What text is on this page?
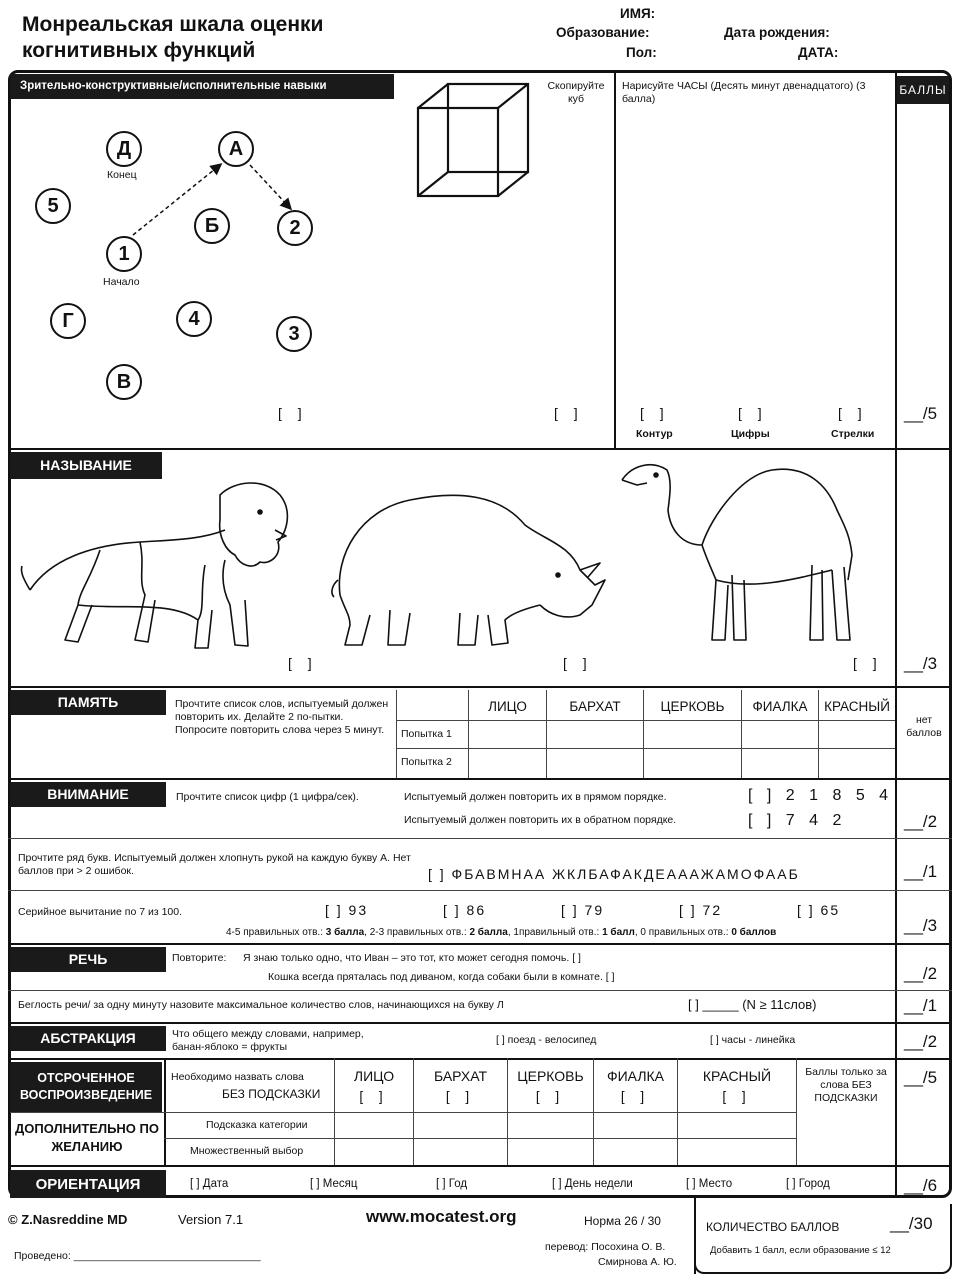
Монреальская шкала оценки
когнитивных функций
ИМЯ:
Образование:
Пол:
Дата рождения:
ДАТА:
БАЛЛЫ
Зрительно-конструктивные/исполнительные навыки
Д	А
5
Б	2
1
Г	4
3
В
Конец
Начало
[ ]
Скопируйте куб
[ ]
Нарисуйте ЧАСЫ (Десять минут двенадцатого) (3 балла)
[ ]	[ ]	[ ]
Контур	Цифры	Стрелки
__/5
НАЗЫВАНИЕ
[ ]	[ ]	[ ] __/3
ПАМЯТЬ	Прочтите список слов, испытуемый должен повторить их. Делайте 2 по-пытки. Попросите повторить слова через 5 минут.
ЛИЦО	БАРХАТ	ЦЕРКОВЬ	ФИАЛКА	КРАСНЫЙ
Попытка 1
Попытка 2
нет баллов
ВНИМАНИЕ	Прочтите список цифр (1 цифра/сек).	Испытуемый должен повторить их в прямом порядке.	[ ] 2 1 8 5 4
Испытуемый должен повторить их в обратном порядке.	[ ] 7 4 2	__/2
Прочтите ряд букв. Испытуемый должен хлопнуть рукой на каждую букву А. Нет баллов при > 2 ошибок.	[ ] ФБАВМНАА ЖКЛБАФАКДЕАААЖАМОФААБ	__/1
Серийное вычитание по 7 из 100.	[ ] 93	[ ] 86	[ ] 79	[ ] 72	[ ] 65
4-5 правильных отв.: 3 балла, 2-3 правильных отв.: 2 балла, 1правильный отв.: 1 балл, 0 правильных отв.: 0 баллов	__/3
РЕЧЬ	Повторите: Я знаю только одно, что Иван – это тот, кто может сегодня помочь. [ ]
Кошка всегда пряталась под диваном, когда собаки были в комнате. [ ]	__/2
Беглость речи/ за одну минуту назовите максимальное количество слов, начинающихся на букву Л	[ ] _____ (N ≥ 11слов)	__/1
АБСТРАКЦИЯ	Что общего между словами, например, банан-яблоко = фрукты
[ ] поезд - велосипед	[ ] часы - линейка	__/2
ОТСРОЧЕННОЕ ВОСПРОИЗВЕДЕНИЕ
Необходимо назвать слова
БЕЗ ПОДСКАЗКИ
ЛИЦО	БАРХАТ	ЦЕРКОВЬ	ФИАЛКА	КРАСНЫЙ
[ ]	[ ]	[ ]	[ ]	[ ]
Баллы только за слова БЕЗ ПОДСКАЗКИ
__/5
ДОПОЛНИТЕЛЬНО ПО ЖЕЛАНИЮ
Подсказка категории
Множественный выбор
ОРИЕНТАЦИЯ	[ ] Дата	[ ] Месяц	[ ] Год	[ ] День недели	[ ] Место	[ ] Город	__/6
© Z.Nasreddine MD	Version 7.1	www.mocatest.org	Норма 26 / 30
перевод: Посохина О. В.
Смирнова А. Ю.
Проведено: ________________________________
КОЛИЧЕСТВО БАЛЛОВ	__/30
Добавить 1 балл, если образование ≤ 12
